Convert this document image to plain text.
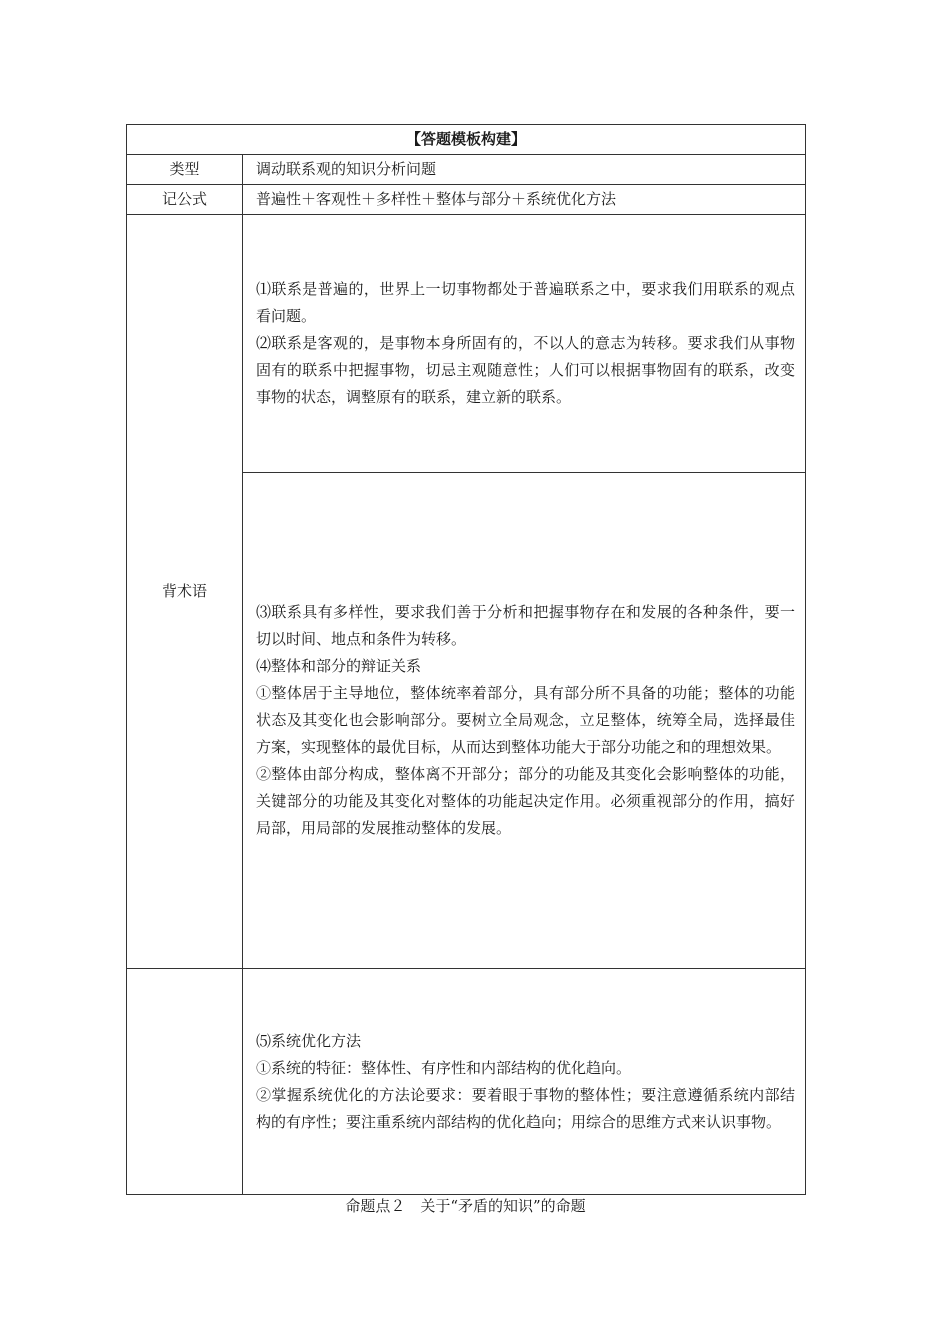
【答题模板构建】	
类型	调动联系观的知识分析问题
记公式	普遍性＋客观性＋多样性＋整体与部分＋系统优化方法
背术语	⑴联系是普遍的，世界上一切事物都处于普遍联系之中，要求我们用联系的观点看问题。

⑵联系是客观的，是事物本身所固有的，不以人的意志为转移。要求我们从事物固有的联系中把握事物，切忌主观随意性；人们可以根据事物固有的联系，改变事物的状态，调整原有的联系，建立新的联系。

	⑶联系具有多样性，要求我们善于分析和把握事物存在和发展的各种条件，要一切以时间、地点和条件为转移。

⑷整体和部分的辩证关系

①整体居于主导地位，整体统率着部分，具有部分所不具备的功能；整体的功能状态及其变化也会影响部分。要树立全局观念，立足整体，统筹全局，选择最佳方案，实现整体的最优目标，从而达到整体功能大于部分功能之和的理想效果。

②整体由部分构成，整体离不开部分；部分的功能及其变化会影响整体的功能，关键部分的功能及其变化对整体的功能起决定作用。必须重视部分的作用，搞好局部，用局部的发展推动整体的发展。

	⑸系统优化方法

①系统的特征：整体性、有序性和内部结构的优化趋向。

②掌握系统优化的方法论要求：要着眼于事物的整体性；要注意遵循系统内部结构的有序性；要注重系统内部结构的优化趋向；用综合的思维方式来认识事物。

命题点２　关于“矛盾的知识”的命题
